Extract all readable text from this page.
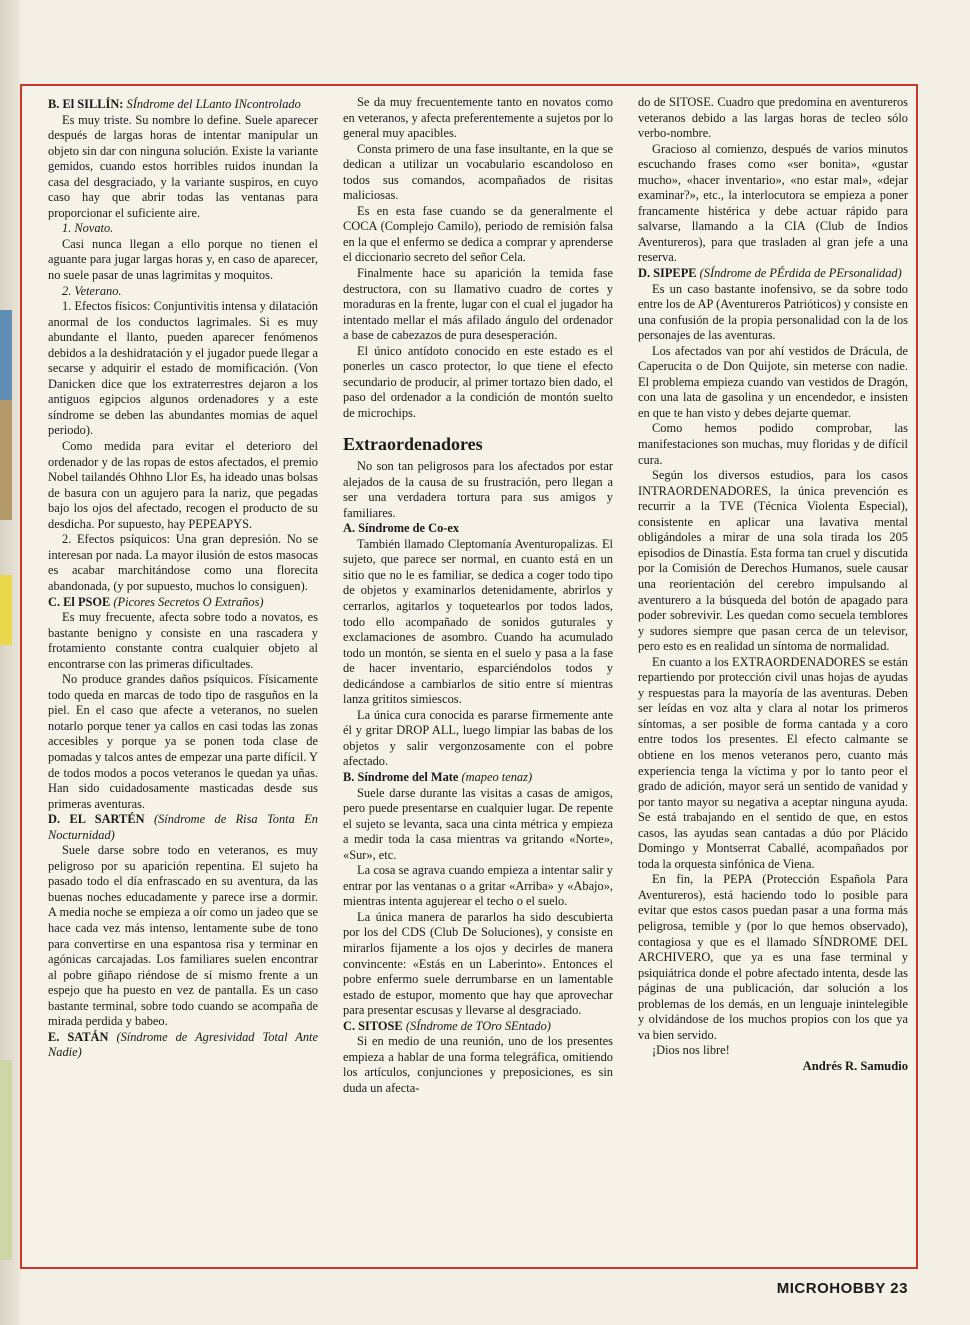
B. El SILLÍN: SÍndrome del LLanto INcontrolado

Es muy triste. Su nombre lo define. Suele aparecer después de largas horas de intentar manipular un objeto sin dar con ninguna solución. Existe la variante gemidos, cuando estos horribles ruidos inundan la casa del desgraciado, y la variante suspiros, en cuyo caso hay que abrir todas las ventanas para proporcionar el suficiente aire.

1. Novato.

Casi nunca llegan a ello porque no tienen el aguante para jugar largas horas y, en caso de aparecer, no suele pasar de unas lagrimitas y moquitos.

2. Veterano.

1. Efectos físicos: Conjuntivitis intensa y dilatación anormal de los conductos lagrimales. Si es muy abundante el llanto, pueden aparecer fenómenos debidos a la deshidratación y el jugador puede llegar a secarse y adquirir el estado de momificación. (Von Danicken dice que los extraterrestres dejaron a los antiguos egipcios algunos ordenadores y a este síndrome se deben las abundantes momias de aquel periodo).

Como medida para evitar el deterioro del ordenador y de las ropas de estos afectados, el premio Nobel tailandés Ohhno Llor Es, ha ideado unas bolsas de basura con un agujero para la nariz, que pegadas bajo los ojos del afectado, recogen el producto de su desdicha. Por supuesto, hay PEPEAPYS.

2. Efectos psíquicos: Una gran depresión. No se interesan por nada. La mayor ilusión de estos masocas es acabar marchitándose como una florecita abandonada, (y por supuesto, muchos lo consiguen).

C. El PSOE (Picores Secretos O Extraños)

Es muy frecuente, afecta sobre todo a novatos, es bastante benigno y consiste en una rascadera y frotamiento constante contra cualquier objeto al encontrarse con las primeras dificultades.

No produce grandes daños psíquicos. Físicamente todo queda en marcas de todo tipo de rasguños en la piel. En el caso que afecte a veteranos, no suelen notarlo porque tener ya callos en casi todas las zonas accesibles y porque ya se ponen toda clase de pomadas y talcos antes de empezar una parte difícil. Y de todos modos a pocos veteranos le quedan ya uñas. Han sido cuidadosamente masticadas desde sus primeras aventuras.

D. EL SARTÉN (Síndrome de Risa Tonta En Nocturnidad)

Suele darse sobre todo en veteranos, es muy peligroso por su aparición repentina. El sujeto ha pasado todo el día enfrascado en su aventura, da las buenas noches educadamente y parece irse a dormir. A media noche se empieza a oír como un jadeo que se hace cada vez más intenso, lentamente sube de tono para convertirse en una espantosa risa y terminar en agónicas carcajadas. Los familiares suelen encontrar al pobre giñapo riéndose de sí mismo frente a un espejo que ha puesto en vez de pantalla. Es un caso bastante terminal, sobre todo cuando se acompaña de mirada perdida y babeo.

E. SATÁN (Síndrome de Agresividad Total Ante Nadie)

Se da muy frecuentemente tanto en novatos como en veteranos, y afecta preferentemente a sujetos por lo general muy apacibles.

Consta primero de una fase insultante, en la que se dedican a utilizar un vocabulario escandoloso en todos sus comandos, acompañados de risitas maliciosas.

Es en esta fase cuando se da generalmente el COCA (Complejo Camilo), periodo de remisión falsa en la que el enfermo se dedica a comprar y aprenderse el diccionario secreto del señor Cela.

Finalmente hace su aparición la temida fase destructora, con su llamativo cuadro de cortes y moraduras en la frente, lugar con el cual el jugador ha intentado mellar el más afilado ángulo del ordenador a base de cabezazos de pura desesperación.

El único antídoto conocido en este estado es el ponerles un casco protector, lo que tiene el efecto secundario de producir, al primer tortazo bien dado, el paso del ordenador a la condición de montón suelto de microchips.

Extraordenadores

No son tan peligrosos para los afectados por estar alejados de la causa de su frustración, pero llegan a ser una verdadera tortura para sus amigos y familiares.

A. Síndrome de Co-ex

También llamado Cleptomanía Aventuropalizas. El sujeto, que parece ser normal, en cuanto está en un sitio que no le es familiar, se dedica a coger todo tipo de objetos y examinarlos detenidamente, abrirlos y cerrarlos, agitarlos y toquetearlos por todos lados, todo ello acompañado de sonidos guturales y exclamaciones de asombro. Cuando ha acumulado todo un montón, se sienta en el suelo y pasa a la fase de hacer inventario, esparciéndolos todos y dedicándose a cambiarlos de sitio entre sí mientras lanza grititos simiescos.

La única cura conocida es pararse firmemente ante él y gritar DROP ALL, luego limpiar las babas de los objetos y salir vergonzosamente con el pobre afectado.

B. Síndrome del Mate (mapeo tenaz)

Suele darse durante las visitas a casas de amigos, pero puede presentarse en cualquier lugar. De repente el sujeto se levanta, saca una cinta métrica y empieza a medir toda la casa mientras va gritando «Norte», «Sur», etc.

La cosa se agrava cuando empieza a intentar salir y entrar por las ventanas o a gritar «Arriba» y «Abajo», mientras intenta agujerear el techo o el suelo.

La única manera de pararlos ha sido descubierta por los del CDS (Club De Soluciones), y consiste en mirarlos fijamente a los ojos y decirles de manera convincente: «Estás en un Laberinto». Entonces el pobre enfermo suele derrumbarse en un lamentable estado de estupor, momento que hay que aprovechar para presentar escusas y llevarse al desgraciado.

C. SITOSE (SÍndrome de TOro SEntado)

Si en medio de una reunión, uno de los presentes empieza a hablar de una forma telegráfica, omitiendo los artículos, conjunciones y preposiciones, es sin duda un afecta-

do de SITOSE. Cuadro que predomina en aventureros veteranos debido a las largas horas de tecleo sólo verbo-nombre.

Gracioso al comienzo, después de varios minutos escuchando frases como «ser bonita», «gustar mucho», «hacer inventario», «no estar mal», «dejar examinar?», etc., la interlocutora se empieza a poner francamente histérica y debe actuar rápido para salvarse, llamando a la CIA (Club de Indios Aventureros), para que trasladen al gran jefe a una reserva.

D. SIPEPE (SÍndrome de PÉrdida de PErsonalidad)

Es un caso bastante inofensivo, se da sobre todo entre los de AP (Aventureros Patrióticos) y consiste en una confusión de la propia personalidad con la de los personajes de las aventuras.

Los afectados van por ahí vestidos de Drácula, de Caperucita o de Don Quijote, sin meterse con nadie. El problema empieza cuando van vestidos de Dragón, con una lata de gasolina y un encendedor, e insisten en que te han visto y debes dejarte quemar.

Como hemos podido comprobar, las manifestaciones son muchas, muy floridas y de difícil cura.

Según los diversos estudios, para los casos INTRAORDENADORES, la única prevención es recurrir a la TVE (Técnica Violenta Especial), consistente en aplicar una lavativa mental obligándoles a mirar de una sola tirada los 205 episodios de Dinastía. Esta forma tan cruel y discutida por la Comisión de Derechos Humanos, suele causar una reorientación del cerebro impulsando al aventurero a la búsqueda del botón de apagado para poder sobrevivir. Les quedan como secuela temblores y sudores siempre que pasan cerca de un televisor, pero esto es en realidad un síntoma de normalidad.

En cuanto a los EXTRAORDENADORES se están repartiendo por protección civil unas hojas de ayudas y respuestas para la mayoría de las aventuras. Deben ser leídas en voz alta y clara al notar los primeros síntomas, a ser posible de forma cantada y a coro entre todos los presentes. El efecto calmante se obtiene en los menos veteranos pero, cuanto más experiencia tenga la víctima y por lo tanto peor el grado de adición, mayor será un sentido de vanidad y por tanto mayor su negativa a aceptar ninguna ayuda. Se está trabajando en el sentido de que, en estos casos, las ayudas sean cantadas a dúo por Plácido Domingo y Montserrat Caballé, acompañados por toda la orquesta sinfónica de Viena.

En fin, la PEPA (Protección Española Para Aventureros), está haciendo todo lo posible para evitar que estos casos puedan pasar a una forma más peligrosa, temible y (por lo que hemos observado), contagiosa y que es el llamado SÍNDROME DEL ARCHIVERO, que ya es una fase terminal y psiquiátrica donde el pobre afectado intenta, desde las páginas de una publicación, dar solución a los problemas de los demás, en un lenguaje inintelegible y olvidándose de los muchos propios con los que ya va bien servido.

¡Dios nos libre!

Andrés R. Samudio

MICROHOBBY 23
